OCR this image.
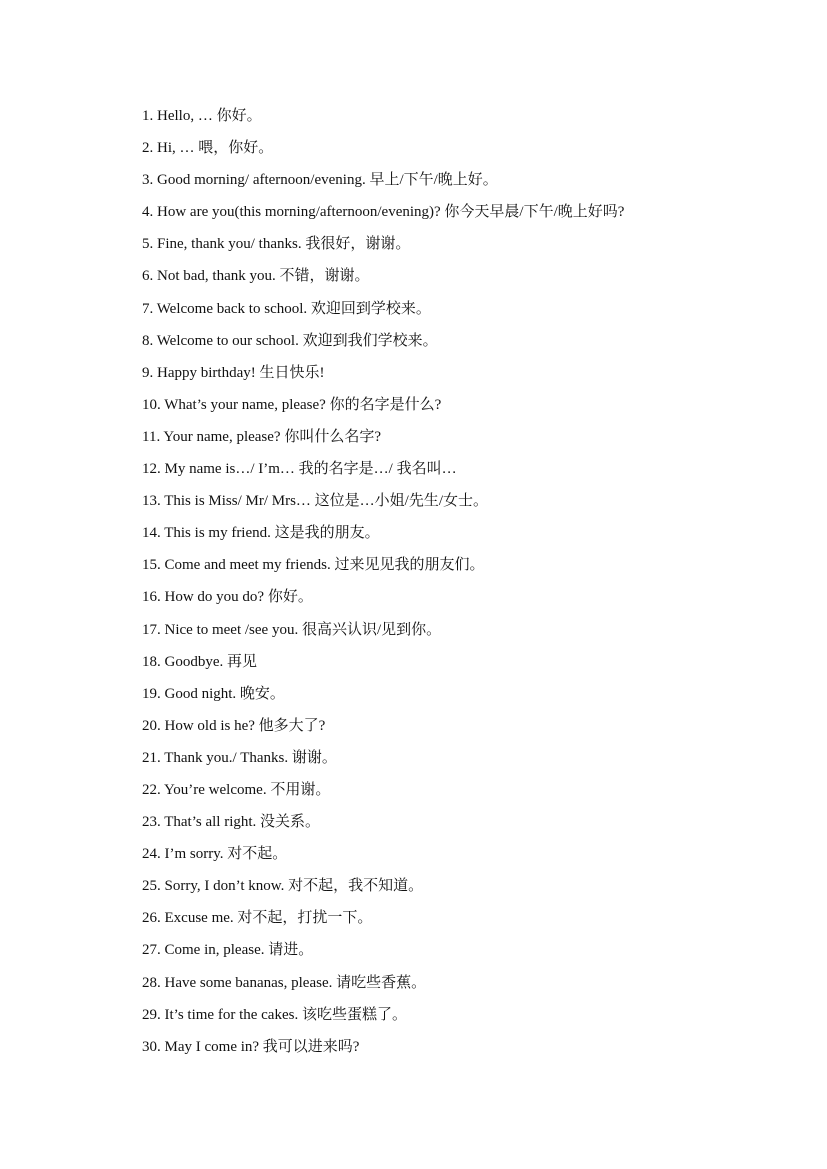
1. Hello, … 你好。
2. Hi, … 喂，你好。
3. Good morning/ afternoon/evening. 早上/下午/晚上好。
4. How are you(this morning/afternoon/evening)? 你今天早晨/下午/晚上好吗?
5. Fine, thank you/ thanks. 我很好，谢谢。
6. Not bad, thank you. 不错，谢谢。
7. Welcome back to school. 欢迎回到学校来。
8. Welcome to our school. 欢迎到我们学校来。
9. Happy birthday! 生日快乐!
10. What’s your name, please? 你的名字是什么?
11. Your name, please? 你叫什么名字?
12. My name is…/ I’m… 我的名字是…/ 我名叫…
13. This is Miss/ Mr/ Mrs… 这位是…小姐/先生/女士。
14. This is my friend. 这是我的朋友。
15. Come and meet my friends. 过来见见我的朋友们。
16. How do you do? 你好。
17. Nice to meet /see you. 很高兴认识/见到你。
18. Goodbye. 再见
19. Good night. 晚安。
20. How old is he? 他多大了?
21. Thank you./ Thanks. 谢谢。
22. You’re welcome. 不用谢。
23. That’s all right. 没关系。
24. I’m sorry. 对不起。
25. Sorry, I don’t know. 对不起，我不知道。
26. Excuse me. 对不起，打扰一下。
27. Come in, please. 请进。
28. Have some bananas, please. 请吃些香蕉。
29. It’s time for the cakes. 该吃些蛋糕了。
30. May I come in? 我可以进来吗?
